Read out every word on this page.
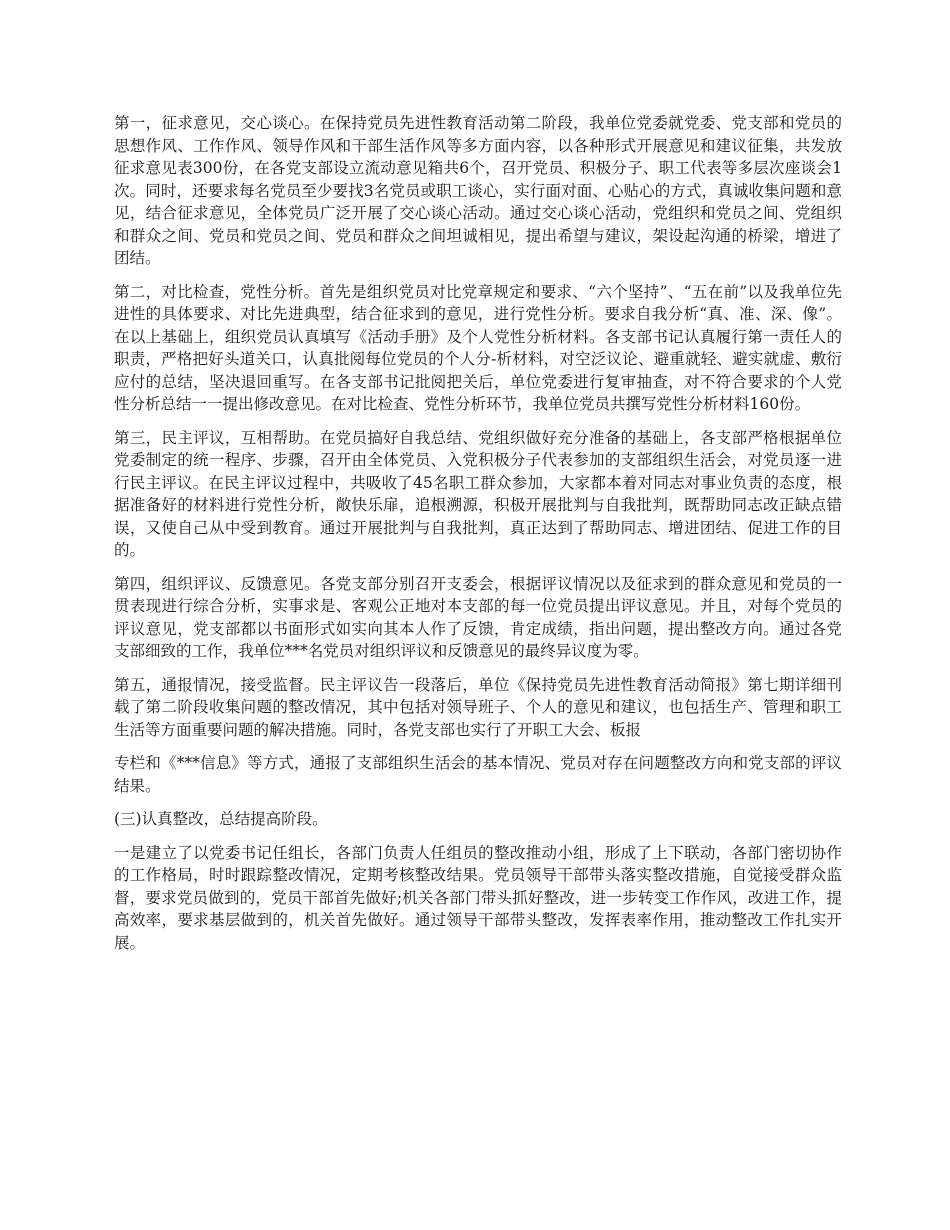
第一，征求意见，交心谈心。在保持党员先进性教育活动第二阶段，我单位党委就党委、党支部和党员的思想作风、工作作风、领导作风和干部生活作风等多方面内容，以各种形式开展意见和建议征集，共发放征求意见表300份，在各党支部设立流动意见箱共6个，召开党员、积极分子、职工代表等多层次座谈会1次。同时，还要求每名党员至少要找3名党员或职工谈心，实行面对面、心贴心的方式，真诚收集问题和意见，结合征求意见，全体党员广泛开展了交心谈心活动。通过交心谈心活动，党组织和党员之间、党组织和群众之间、党员和党员之间、党员和群众之间坦诚相见，提出希望与建议，架设起沟通的桥梁，增进了团结。

第二，对比检查，党性分析。首先是组织党员对比党章规定和要求、“六个坚持”、“五在前”以及我单位先进性的具体要求、对比先进典型，结合征求到的意见，进行党性分析。要求自我分析“真、准、深、像”。在以上基础上，组织党员认真填写《活动手册》及个人党性分析材料。各支部书记认真履行第一责任人的职责，严格把好头道关口，认真批阅每位党员的个人分-析材料，对空泛议论、避重就轻、避实就虚、敷衍应付的总结，坚决退回重写。在各支部书记批阅把关后，单位党委进行复审抽查，对不符合要求的个人党性分析总结一一提出修改意见。在对比检查、党性分析环节，我单位党员共撰写党性分析材料160份。

第三，民主评议，互相帮助。在党员搞好自我总结、党组织做好充分准备的基础上，各支部严格根据单位党委制定的统一程序、步骤，召开由全体党员、入党积极分子代表参加的支部组织生活会，对党员逐一进行民主评议。在民主评议过程中，共吸收了45名职工群众参加，大家都本着对同志对事业负责的态度，根据准备好的材料进行党性分析，敞快乐扉，追根溯源，积极开展批判与自我批判，既帮助同志改正缺点错误，又使自己从中受到教育。通过开展批判与自我批判，真正达到了帮助同志、增进团结、促进工作的目的。

第四，组织评议、反馈意见。各党支部分别召开支委会，根据评议情况以及征求到的群众意见和党员的一贯表现进行综合分析，实事求是、客观公正地对本支部的每一位党员提出评议意见。并且，对每个党员的评议意见，党支部都以书面形式如实向其本人作了反馈，肯定成绩，指出问题，提出整改方向。通过各党支部细致的工作，我单位***名党员对组织评议和反馈意见的最终异议度为零。

第五，通报情况，接受监督。民主评议告一段落后，单位《保持党员先进性教育活动简报》第七期详细刊载了第二阶段收集问题的整改情况，其中包括对领导班子、个人的意见和建议，也包括生产、管理和职工生活等方面重要问题的解决措施。同时，各党支部也实行了开职工大会、板报

专栏和《***信息》等方式，通报了支部组织生活会的基本情况、党员对存在问题整改方向和党支部的评议结果。

(三)认真整改，总结提高阶段。

一是建立了以党委书记任组长，各部门负责人任组员的整改推动小组，形成了上下联动，各部门密切协作的工作格局，时时跟踪整改情况，定期考核整改结果。党员领导干部带头落实整改措施，自觉接受群众监督，要求党员做到的，党员干部首先做好;机关各部门带头抓好整改，进一步转变工作作风，改进工作，提高效率，要求基层做到的，机关首先做好。通过领导干部带头整改，发挥表率作用，推动整改工作扎实开展。
